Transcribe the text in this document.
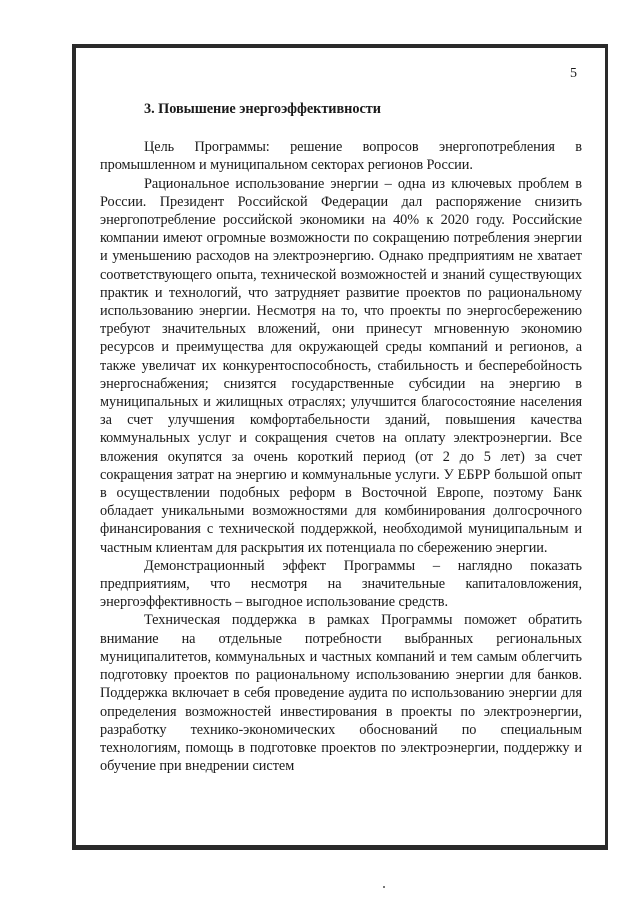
5
3. Повышение энергоэффективности

Цель Программы: решение вопросов энергопотребления в промышленном и муниципальном секторах регионов России.

Рациональное использование энергии – одна из ключевых проблем в России. Президент Российской Федерации дал распоряжение снизить энергопотребление российской экономики на 40% к 2020 году. Российские компании имеют огромные возможности по сокращению потребления энергии и уменьшению расходов на электроэнергию. Однако предприятиям не хватает соответствующего опыта, технической возможностей и знаний существующих практик и технологий, что затрудняет развитие проектов по рациональному использованию энергии. Несмотря на то, что проекты по энергосбережению требуют значительных вложений, они принесут мгновенную экономию ресурсов и преимущества для окружающей среды компаний и регионов, а также увеличат их конкурентоспособность, стабильность и бесперебойность энергоснабжения; снизятся государственные субсидии на энергию в муниципальных и жилищных отраслях; улучшится благосостояние населения за счет улучшения комфортабельности зданий, повышения качества коммунальных услуг и сокращения счетов на оплату электроэнергии. Все вложения окупятся за очень короткий период (от 2 до 5 лет) за счет сокращения затрат на энергию и коммунальные услуги. У ЕБРР большой опыт в осуществлении подобных реформ в Восточной Европе, поэтому Банк обладает уникальными возможностями для комбинирования долгосрочного финансирования с технической поддержкой, необходимой муниципальным и частным клиентам для раскрытия их потенциала по сбережению энергии.

Демонстрационный эффект Программы – наглядно показать предприятиям, что несмотря на значительные капиталовложения, энергоэффективность – выгодное использование средств.

Техническая поддержка в рамках Программы поможет обратить внимание на отдельные потребности выбранных региональных муниципалитетов, коммунальных и частных компаний и тем самым облегчить подготовку проектов по рациональному использованию энергии для банков. Поддержка включает в себя проведение аудита по использованию энергии для определения возможностей инвестирования в проекты по электроэнергии, разработку технико-экономических обоснований по специальным технологиям, помощь в подготовке проектов по электроэнергии, поддержку и обучение при внедрении систем
